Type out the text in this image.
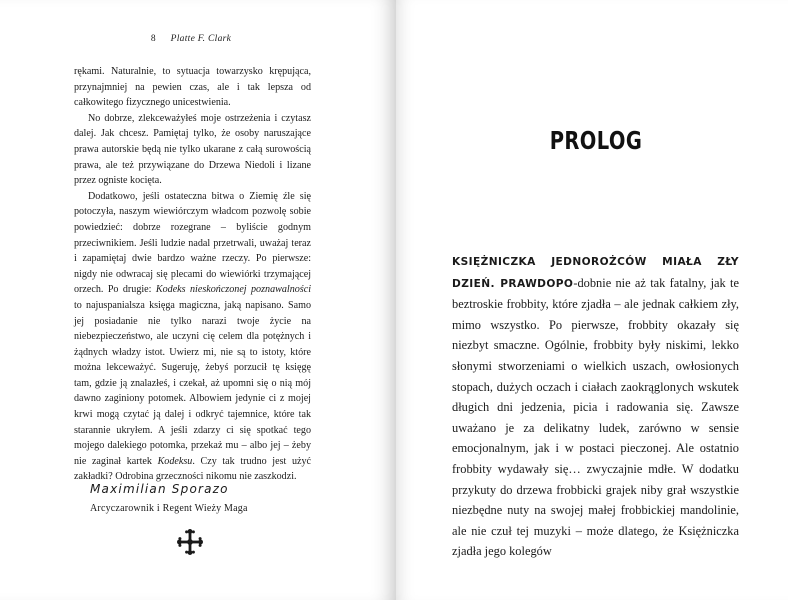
8 Platte F. Clark

rękami. Naturalnie, to sytuacja towarzysko krępująca, przynajmniej na pewien czas, ale i tak lepsza od całkowitego fizycznego unicestwienia.

No dobrze, zlekceważyłeś moje ostrzeżenia i czytasz dalej. Jak chcesz. Pamiętaj tylko, że osoby naruszające prawa autorskie będą nie tylko ukarane z całą surowością prawa, ale też przywiązane do Drzewa Niedoli i lizane przez ogniste kocięta.

Dodatkowo, jeśli ostateczna bitwa o Ziemię źle się potoczyła, naszym wiewiórczym władcom pozwolę sobie powiedzieć: dobrze rozegrane – byliście godnym przeciwnikiem. Jeśli ludzie nadal przetrwali, uważaj teraz i zapamiętaj dwie bardzo ważne rzeczy. Po pierwsze: nigdy nie odwracaj się plecami do wiewiórki trzymającej orzech. Po drugie: Kodeks nieskończonej poznawalności to najuspanialsza księga magiczna, jaką napisano. Samo jej posiadanie nie tylko narazi twoje życie na niebezpieczeństwo, ale uczyni cię celem dla potężnych i żądnych władzy istot. Uwierz mi, nie są to istoty, które można lekceważyć. Sugeruję, żebyś porzucił tę księgę tam, gdzie ją znalazłeś, i czekał, aż upomni się o nią mój dawno zaginiony potomek. Albowiem jedynie ci z mojej krwi mogą czytać ją dalej i odkryć tajemnice, które tak starannie ukryłem. A jeśli zdarzy ci się spotkać tego mojego dalekiego potomka, przekaż mu – albo jej – żeby nie zaginał kartek Kodeksu. Czy tak trudno jest użyć zakładki? Odrobina grzeczności nikomu nie zaszkodzi.

Maximilian Sporazo
Arcyczarownik i Regent Wieży Maga
PROLOG

KSIĘŻNICZKA JEDNOROŻCÓW MIAŁA ZŁY DZIEŃ. PRAWDOPO-dobnie nie aż tak fatalny, jak te beztroskie frobbity, które zjadła – ale jednak całkiem zły, mimo wszystko. Po pierwsze, frobbity okazały się niezbyt smaczne. Ogólnie, frobbity były niskimi, lekko słonymi stworzeniami o wielkich uszach, owłosionych stopach, dużych oczach i ciałach zaokrąglonych wskutek długich dni jedzenia, picia i radowania się. Zawsze uważano je za delikatny ludek, zarówno w sensie emocjonalnym, jak i w postaci pieczonej. Ale ostatnio frobbity wydawały się… zwyczajnie mdłe. W dodatku przykuty do drzewa frobbicki grajek niby grał wszystkie niezbędne nuty na swojej małej frobbickiej mandolinie, ale nie czuł tej muzyki – może dlatego, że Księżniczka zjadła jego kolegów
